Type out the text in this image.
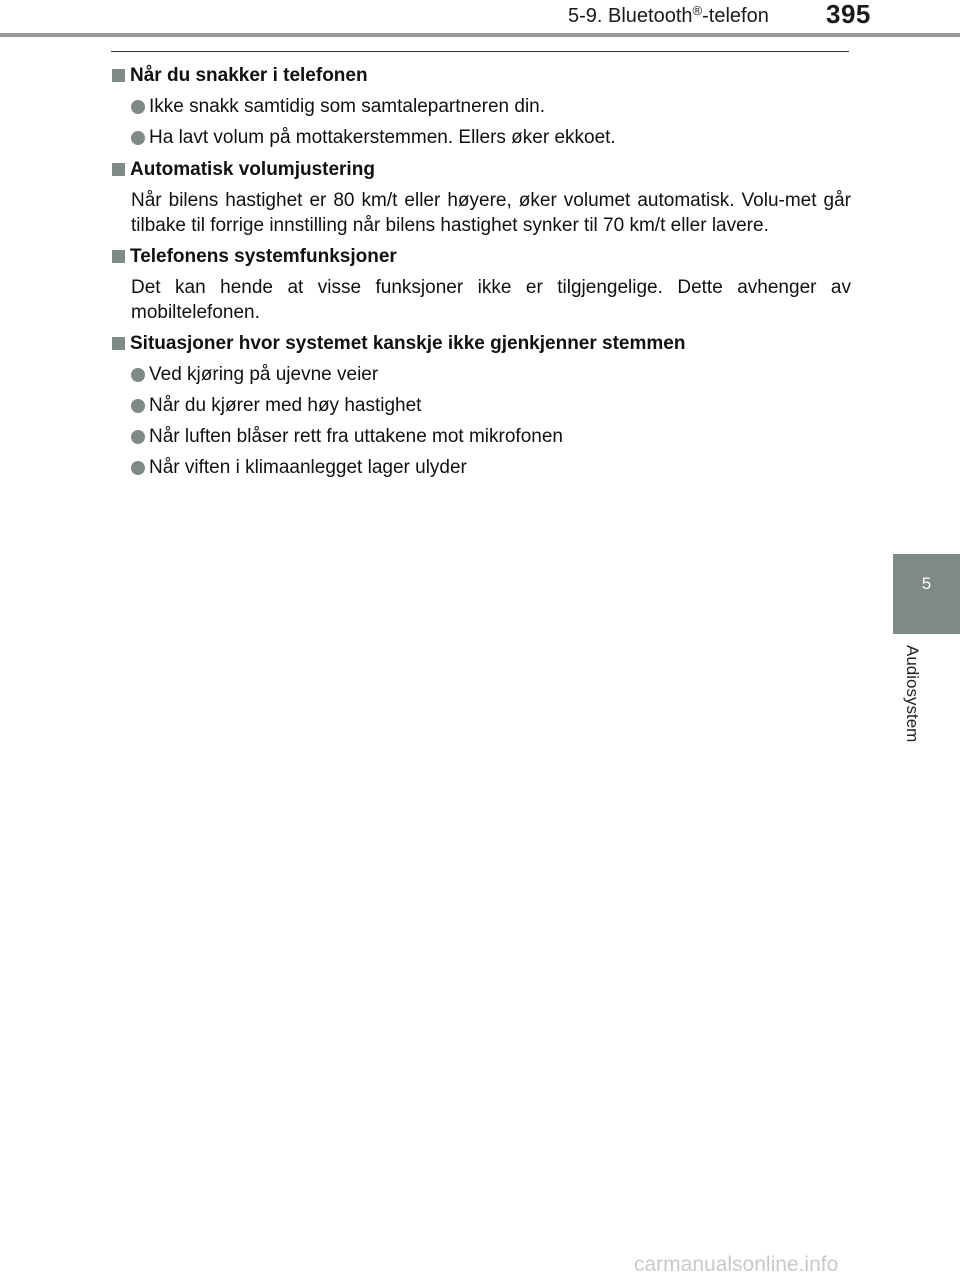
5-9. Bluetooth®-telefon	395
5
Audiosystem
Når du snakker i telefonen
Ikke snakk samtidig som samtalepartneren din.
Ha lavt volum på mottakerstemmen. Ellers øker ekkoet.
Automatisk volumjustering

Når bilens hastighet er 80 km/t eller høyere, øker volumet automatisk. Volu-met går tilbake til forrige innstilling når bilens hastighet synker til 70 km/t eller lavere.

Telefonens systemfunksjoner

Det kan hende at visse funksjoner ikke er tilgjengelige. Dette avhenger av mobiltelefonen.

Situasjoner hvor systemet kanskje ikke gjenkjenner stemmen
Ved kjøring på ujevne veier
Når du kjører med høy hastighet
Når luften blåser rett fra uttakene mot mikrofonen
Når viften i klimaanlegget lager ulyder
carmanualsonline.info
